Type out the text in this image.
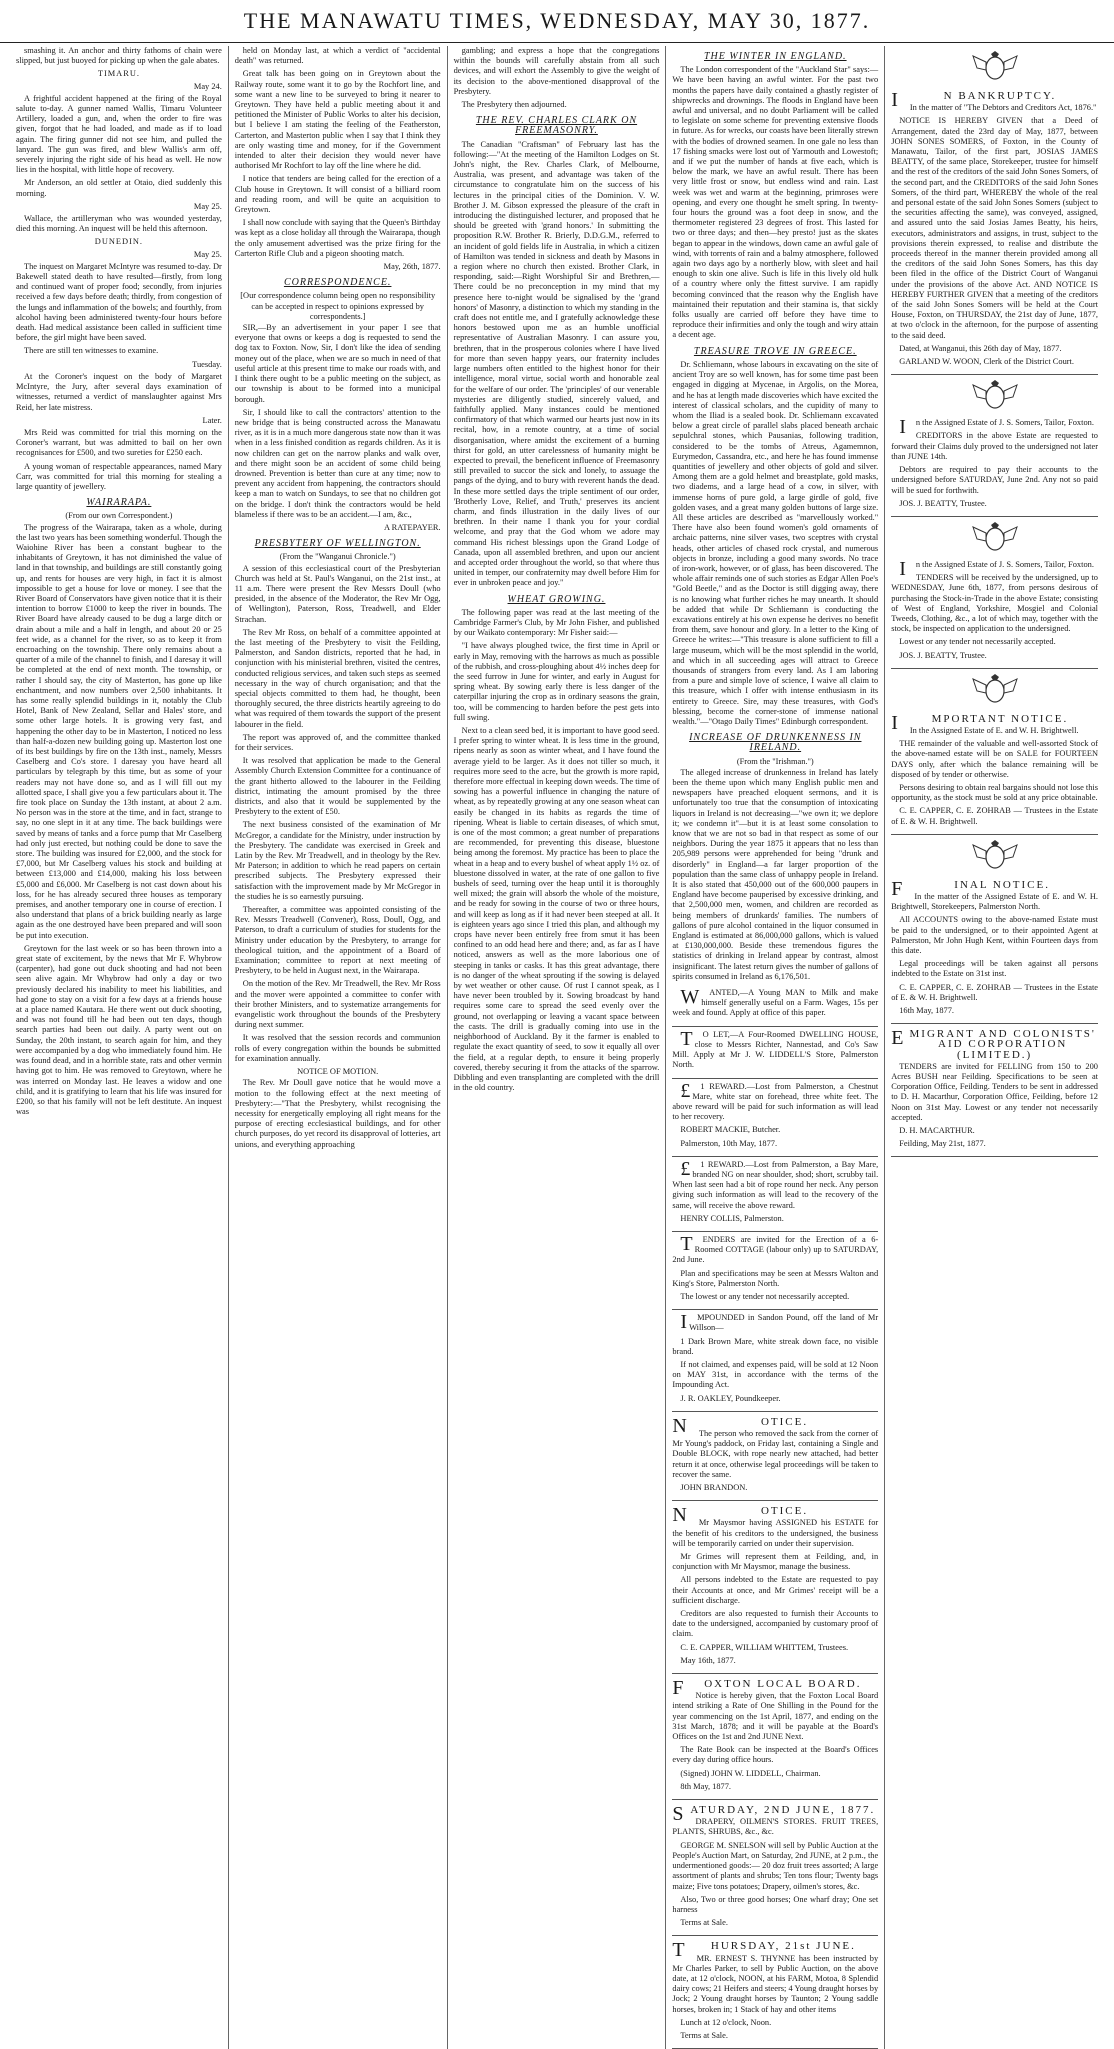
THE MANAWATU TIMES, WEDNESDAY, MAY 30, 1877.

smashing it. An anchor and thirty fathoms of chain were slipped, but just buoyed for picking up when the gale abates.

TIMARU.

May 24.

A frightful accident happened at the firing of the Royal salute to-day. A gunner named Wallis, Timaru Volunteer Artillery, loaded a gun, and, when the order to fire was given, forgot that he had loaded, and made as if to load again. The firing gunner did not see him, and pulled the lanyard. The gun was fired, and blew Wallis's arm off, severely injuring the right side of his head as well. He now lies in the hospital, with little hope of recovery.

Mr Anderson, an old settler at Otaio, died suddenly this morning.

May 25.

Wallace, the artilleryman who was wounded yesterday, died this morning. An inquest will be held this afternoon.

DUNEDIN.

May 25.

The inquest on Margaret McIntyre was resumed to-day. Dr Bakewell stated death to have resulted—firstly, from long and continued want of proper food; secondly, from injuries received a few days before death; thirdly, from congestion of the lungs and inflammation of the bowels; and fourthly, from alcohol having been administered twenty-four hours before death. Had medical assistance been called in sufficient time before, the girl might have been saved.

There are still ten witnesses to examine.

Tuesday.

At the Coroner's inquest on the body of Margaret McIntyre, the Jury, after several days examination of witnesses, returned a verdict of manslaughter against Mrs Reid, her late mistress.

Later.

Mrs Reid was committed for trial this morning on the Coroner's warrant, but was admitted to bail on her own recognisances for £500, and two sureties for £250 each.

A young woman of respectable appearances, named Mary Carr, was committed for trial this morning for stealing a large quantity of jewellery.

WAIRARAPA.

(From our own Correspondent.)

The progress of the Wairarapa, taken as a whole, during the last two years has been something wonderful. Though the Waiohine River has been a constant bugbear to the inhabitants of Greytown, it has not diminished the value of land in that township, and buildings are still constantly going up, and rents for houses are very high, in fact it is almost impossible to get a house for love or money. I see that the River Board of Conservators have given notice that it is their intention to borrow £1000 to keep the river in bounds. The River Board have already caused to be dug a large ditch or drain about a mile and a half in length, and about 20 or 25 feet wide, as a channel for the river, so as to keep it from encroaching on the township. There only remains about a quarter of a mile of the channel to finish, and I daresay it will be completed at the end of next month. The township, or rather I should say, the city of Masterton, has gone up like enchantment, and now numbers over 2,500 inhabitants. It has some really splendid buildings in it, notably the Club Hotel, Bank of New Zealand, Sellar and Hales' store, and some other large hotels. It is growing very fast, and happening the other day to be in Masterton, I noticed no less than half-a-dozen new building going up. Masterton lost one of its best buildings by fire on the 13th inst., namely, Messrs Caselberg and Co's store. I daresay you have heard all particulars by telegraph by this time, but as some of your readers may not have done so, and as I will fill out my allotted space, I shall give you a few particulars about it. The fire took place on Sunday the 13th instant, at about 2 a.m. No person was in the store at the time, and in fact, strange to say, no one slept in it at any time. The back buildings were saved by means of tanks and a force pump that Mr Caselberg had only just erected, but nothing could be done to save the store. The building was insured for £2,000, and the stock for £7,000, but Mr Caselberg values his stock and building at between £13,000 and £14,000, making his loss between £5,000 and £6,000. Mr Caselberg is not cast down about his loss, for he has already secured three houses as temporary premises, and another temporary one in course of erection. I also understand that plans of a brick building nearly as large again as the one destroyed have been prepared and will soon be put into execution.

Greytown for the last week or so has been thrown into a great state of excitement, by the news that Mr F. Whybrow (carpenter), had gone out duck shooting and had not been seen alive again. Mr Whybrow had only a day or two previously declared his inability to meet his liabilities, and had gone to stay on a visit for a few days at a friends house at a place named Kautara. He there went out duck shooting, and was not found till he had been out ten days, though search parties had been out daily. A party went out on Sunday, the 20th instant, to search again for him, and they were accompanied by a dog who immediately found him. He was found dead, and in a horrible state, rats and other vermin having got to him. He was removed to Greytown, where he was interred on Monday last. He leaves a widow and one child, and it is gratifying to learn that his life was insured for £200, so that his family will not be left destitute. An inquest was

held on Monday last, at which a verdict of "accidental death" was returned.

Great talk has been going on in Greytown about the Railway route, some want it to go by the Rochfort line, and some want a new line to be surveyed to bring it nearer to Greytown. They have held a public meeting about it and petitioned the Minister of Public Works to alter his decision, but I believe I am stating the feeling of the Featherston, Carterton, and Masterton public when I say that I think they are only wasting time and money, for if the Government intended to alter their decision they would never have authorised Mr Rochfort to lay off the line where he did.

I notice that tenders are being called for the erection of a Club house in Greytown. It will consist of a billiard room and reading room, and will be quite an acquisition to Greytown.

I shall now conclude with saying that the Queen's Birthday was kept as a close holiday all through the Wairarapa, though the only amusement advertised was the prize firing for the Carterton Rifle Club and a pigeon shooting match.

May, 26th, 1877.

CORRESPONDENCE.

[Our correspondence column being open no responsibility can be accepted in respect to opinions expressed by correspondents.]

SIR,—By an advertisement in your paper I see that everyone that owns or keeps a dog is requested to send the dog tax to Foxton. Now, Sir, I don't like the idea of sending money out of the place, when we are so much in need of that useful article at this present time to make our roads with, and I think there ought to be a public meeting on the subject, as our township is about to be formed into a municipal borough.

Sir, I should like to call the contractors' attention to the new bridge that is being constructed across the Manawatu river, as it is in a much more dangerous state now than it was when in a less finished condition as regards children. As it is now children can get on the narrow planks and walk over, and there might soon be an accident of some child being drowned. Prevention is better than cure at any time; now to prevent any accident from happening, the contractors should keep a man to watch on Sundays, to see that no children got on the bridge. I don't think the contractors would be held blameless if there was to be an accident.—I am, &c.,

A RATEPAYER.

PRESBYTERY OF WELLINGTON.

(From the "Wanganui Chronicle.")

A session of this ecclesiastical court of the Presbyterian Church was held at St. Paul's Wanganui, on the 21st inst., at 11 a.m. There were present the Rev Messrs Doull (who presided, in the absence of the Moderator, the Rev Mr Ogg, of Wellington), Paterson, Ross, Treadwell, and Elder Strachan.

The Rev Mr Ross, on behalf of a committee appointed at the last meeting of the Presbytery to visit the Feilding, Palmerston, and Sandon districts, reported that he had, in conjunction with his ministerial brethren, visited the centres, conducted religious services, and taken such steps as seemed necessary in the way of church organisation; and that the special objects committed to them had, he thought, been thoroughly secured, the three districts heartily agreeing to do what was required of them towards the support of the present labourer in the field.

The report was approved of, and the committee thanked for their services.

It was resolved that application be made to the General Assembly Church Extension Committee for a continuance of the grant hitherto allowed to the labourer in the Feilding district, intimating the amount promised by the three districts, and also that it would be supplemented by the Presbytery to the extent of £50.

The next business consisted of the examination of Mr McGregor, a candidate for the Ministry, under instruction by the Presbytery. The candidate was exercised in Greek and Latin by the Rev. Mr Treadwell, and in theology by the Rev. Mr Paterson; in addition to which he read papers on certain prescribed subjects. The Presbytery expressed their satisfaction with the improvement made by Mr McGregor in the studies he is so earnestly pursuing.

Thereafter, a committee was appointed consisting of the Rev. Messrs Treadwell (Convener), Ross, Doull, Ogg, and Paterson, to draft a curriculum of studies for students for the Ministry under education by the Presbytery, to arrange for theological tuition, and the appointment of a Board of Examination; committee to report at next meeting of Presbytery, to be held in August next, in the Wairarapa.

On the motion of the Rev. Mr Treadwell, the Rev. Mr Ross and the mover were appointed a committee to confer with their brother Ministers, and to systematize arrangements for evangelistic work throughout the bounds of the Presbytery during next summer.

It was resolved that the session records and communion rolls of every congregation within the bounds be submitted for examination annually.

NOTICE OF MOTION.

The Rev. Mr Doull gave notice that he would move a motion to the following effect at the next meeting of Presbytery:—"That the Presbytery, whilst recognising the necessity for energetically employing all right means for the purpose of erecting ecclesiastical buildings, and for other church purposes, do yet record its disapproval of lotteries, art unions, and everything approaching

gambling; and express a hope that the congregations within the bounds will carefully abstain from all such devices, and will exhort the Assembly to give the weight of its decision to the above-mentioned disapproval of the Presbytery.

The Presbytery then adjourned.

THE REV. CHARLES CLARK ON FREEMASONRY.

The Canadian "Craftsman" of February last has the following:—"At the meeting of the Hamilton Lodges on St. John's night, the Rev. Charles Clark, of Melbourne, Australia, was present, and advantage was taken of the circumstance to congratulate him on the success of his lectures in the principal cities of the Dominion. V. W. Brother J. M. Gibson expressed the pleasure of the craft in introducing the distinguished lecturer, and proposed that he should be greeted with 'grand honors.' In submitting the proposition R.W. Brother R. Brierly, D.D.G.M., referred to an incident of gold fields life in Australia, in which a citizen of Hamilton was tended in sickness and death by Masons in a region where no church then existed. Brother Clark, in responding, said:—Right Worshipful Sir and Brethren,—There could be no preconception in my mind that my presence here to-night would be signalised by the 'grand honors' of Masonry, a distinction to which my standing in the craft does not entitle me, and I gratefully acknowledge these honors bestowed upon me as an humble unofficial representative of Australian Masonry. I can assure you, brethren, that in the prosperous colonies where I have lived for more than seven happy years, our fraternity includes large numbers often entitled to the highest honor for their intelligence, moral virtue, social worth and honorable zeal for the welfare of our order. The 'principles' of our venerable mysteries are diligently studied, sincerely valued, and faithfully applied. Many instances could be mentioned confirmatory of that which warmed our hearts just now in its recital, how, in a remote country, at a time of social disorganisation, where amidst the excitement of a burning thirst for gold, an utter carelessness of humanity might be expected to prevail, the beneficent influence of Freemasonry still prevailed to succor the sick and lonely, to assuage the pangs of the dying, and to bury with reverent hands the dead. In these more settled days the triple sentiment of our order, 'Brotherly Love, Relief, and Truth,' preserves its ancient charm, and finds illustration in the daily lives of our brethren. In their name I thank you for your cordial welcome, and pray that the God whom we adore may command His richest blessings upon the Grand Lodge of Canada, upon all assembled brethren, and upon our ancient and accepted order throughout the world, so that where thus united in temper, our confraternity may dwell before Him for ever in unbroken peace and joy."

WHEAT GROWING.

The following paper was read at the last meeting of the Cambridge Farmer's Club, by Mr John Fisher, and published by our Waikato contemporary: Mr Fisher said:—

"I have always ploughed twice, the first time in April or early in May, removing with the harrows as much as possible of the rubbish, and cross-ploughing about 4½ inches deep for the seed furrow in June for winter, and early in August for spring wheat. By sowing early there is less danger of the caterpillar injuring the crop as in ordinary seasons the grain, too, will be commencing to harden before the pest gets into full swing.

Next to a clean seed bed, it is important to have good seed. I prefer spring to winter wheat. It is less time in the ground, ripens nearly as soon as winter wheat, and I have found the average yield to be larger. As it does not tiller so much, it requires more seed to the acre, but the growth is more rapid, therefore more effectual in keeping down weeds. The time of sowing has a powerful influence in changing the nature of wheat, as by repeatedly growing at any one season wheat can easily be changed in its habits as regards the time of ripening. Wheat is liable to certain diseases, of which smut, is one of the most common; a great number of preparations are recommended, for preventing this disease, bluestone being among the foremost. My practice has been to place the wheat in a heap and to every bushel of wheat apply 1½ oz. of bluestone dissolved in water, at the rate of one gallon to five bushels of seed, turning over the heap until it is thoroughly well mixed; the grain will absorb the whole of the moisture, and be ready for sowing in the course of two or three hours, and will keep as long as if it had never been steeped at all. It is eighteen years ago since I tried this plan, and although my crops have never been entirely free from smut it has been confined to an odd head here and there; and, as far as I have noticed, answers as well as the more laborious one of steeping in tanks or casks. It has this great advantage, there is no danger of the wheat sprouting if the sowing is delayed by wet weather or other cause. Of rust I cannot speak, as I have never been troubled by it. Sowing broadcast by hand requires some care to spread the seed evenly over the ground, not overlapping or leaving a vacant space between the casts. The drill is gradually coming into use in the neighborhood of Auckland. By it the farmer is enabled to regulate the exact quantity of seed, to sow it equally all over the field, at a regular depth, to ensure it being properly covered, thereby securing it from the attacks of the sparrow. Dibbling and even transplanting are completed with the drill in the old country.

THE WINTER IN ENGLAND.

The London correspondent of the "Auckland Star" says:—We have been having an awful winter. For the past two months the papers have daily contained a ghastly register of shipwrecks and drownings. The floods in England have been awful and universal, and no doubt Parliament will be called to legislate on some scheme for preventing extensive floods in future. As for wrecks, our coasts have been literally strewn with the bodies of drowned seamen. In one gale no less than 17 fishing smacks were lost out of Yarmouth and Lowestoft; and if we put the number of hands at five each, which is below the mark, we have an awful result. There has been very little frost or snow, but endless wind and rain. Last week was wet and warm at the beginning, primroses were opening, and every one thought he smelt spring. In twenty-four hours the ground was a foot deep in snow, and the thermometer registered 23 degrees of frost. This lasted for two or three days; and then—hey presto! just as the skates began to appear in the windows, down came an awful gale of wind, with torrents of rain and a balmy atmosphere, followed again two days ago by a northerly blow, with sleet and hail enough to skin one alive. Such is life in this lively old hulk of a country where only the fittest survive. I am rapidly becoming convinced that the reason why the English have maintained their reputation and their stamina is, that sickly folks usually are carried off before they have time to reproduce their infirmities and only the tough and wiry attain a decent age.

TREASURE TROVE IN GREECE.

Dr. Schliemann, whose labours in excavating on the site of ancient Troy are so well known, has for some time past been engaged in digging at Mycenae, in Argolis, on the Morea, and he has at length made discoveries which have excited the interest of classical scholars, and the cupidity of many to whom the Iliad is a sealed book. Dr. Schliemann excavated below a great circle of parallel slabs placed beneath archaic sepulchral stones, which Pausanias, following tradition, considered to be the tombs of Atreus, Agamemnon, Eurymedon, Cassandra, etc., and here he has found immense quantities of jewellery and other objects of gold and silver. Among them are a gold helmet and breastplate, gold masks, two diadems, and a large head of a cow, in silver, with immense horns of pure gold, a large girdle of gold, five golden vases, and a great many golden buttons of large size. All these articles are described as "marvellously worked." There have also been found women's gold ornaments of archaic patterns, nine silver vases, two sceptres with crystal heads, other articles of chased rock crystal, and numerous objects in bronze, including a good many swords. No trace of iron-work, however, or of glass, has been discovered. The whole affair reminds one of such stories as Edgar Allen Poe's "Gold Beetle," and as the Doctor is still digging away, there is no knowing what further riches he may unearth. It should be added that while Dr Schliemann is conducting the excavations entirely at his own expense he derives no benefit from them, save honour and glory. In a letter to the King of Greece he writes:—"This treasure is alone sufficient to fill a large museum, which will be the most splendid in the world, and which in all succeeding ages will attract to Greece thousands of strangers from every land. As I am laboring from a pure and simple love of science, I waive all claim to this treasure, which I offer with intense enthusiasm in its entirety to Greece. Sire, may these treasures, with God's blessing, become the corner-stone of immense national wealth."—"Otago Daily Times" Edinburgh correspondent.

INCREASE OF DRUNKENNESS IN IRELAND.

(From the "Irishman.")

The alleged increase of drunkenness in Ireland has lately been the theme upon which many English public men and newspapers have preached eloquent sermons, and it is unfortunately too true that the consumption of intoxicating liquors in Ireland is not decreasing—"we own it; we deplore it; we condemn it"—but it is at least some consolation to know that we are not so bad in that respect as some of our neighbors. During the year 1875 it appears that no less than 205,989 persons were apprehended for being "drunk and disorderly" in England—a far larger proportion of the population than the same class of unhappy people in Ireland. It is also stated that 450,000 out of the 600,000 paupers in England have become pauperised by excessive drinking, and that 2,500,000 men, women, and children are recorded as being members of drunkards' families. The numbers of gallons of pure alcohol contained in the liquor consumed in England is estimated at 86,000,000 gallons, which is valued at £130,000,000. Beside these tremendous figures the statistics of drinking in Ireland appear by contrast, almost insignificant. The latest return gives the number of gallons of spirits consumed in Ireland as 6,176,501.

WANTED,—A Young MAN to Milk and make himself generally useful on a Farm. Wages, 15s per week and found. Apply at office of this paper.

TO LET,—A Four-Roomed DWELLING HOUSE, close to Messrs Richter, Nannestad, and Co's Saw Mill. Apply at Mr J. W. LIDDELL'S Store, Palmerston North.

£1 REWARD.—Lost from Palmerston, a Chestnut Mare, white star on forehead, three white feet. The above reward will be paid for such information as will lead to her recovery.

ROBERT MACKIE, Butcher.

Palmerston, 10th May, 1877.

£1 REWARD.—Lost from Palmerston, a Bay Mare, branded NG on near shoulder, shod; short, scrubby tail. When last seen had a bit of rope round her neck. Any person giving such information as will lead to the recovery of the same, will receive the above reward.

HENRY COLLIS, Palmerston.

TENDERS are invited for the Erection of a 6-Roomed COTTAGE (labour only) up to SATURDAY, 2nd June.

Plan and specifications may be seen at Messrs Walton and King's Store, Palmerston North.

The lowest or any tender not necessarily accepted.

IMPOUNDED in Sandon Pound, off the land of Mr Willson—

1 Dark Brown Mare, white streak down face, no visible brand.

If not claimed, and expenses paid, will be sold at 12 Noon on MAY 31st, in accordance with the terms of the Impounding Act.

J. R. OAKLEY, Poundkeeper.

NOTICE.

The person who removed the sack from the corner of Mr Young's paddock, on Friday last, containing a Single and Double BLOCK, with rope nearly new attached, had better return it at once, otherwise legal proceedings will be taken to recover the same.

JOHN BRANDON.

NOTICE.

Mr Maysmor having ASSIGNED his ESTATE for the benefit of his creditors to the undersigned, the business will be temporarily carried on under their supervision.

Mr Grimes will represent them at Feilding, and, in conjunction with Mr Maysmor, manage the business.

All persons indebted to the Estate are requested to pay their Accounts at once, and Mr Grimes' receipt will be a sufficient discharge.

Creditors are also requested to furnish their Accounts to date to the undersigned, accompanied by customary proof of claim.

C. E. CAPPER, WILLIAM WHITTEM, Trustees.

May 16th, 1877.

FOXTON LOCAL BOARD.

Notice is hereby given, that the Foxton Local Board intend striking a Rate of One Shilling in the Pound for the year commencing on the 1st April, 1877, and ending on the 31st March, 1878; and it will be payable at the Board's Offices on the 1st and 2nd JUNE Next.

The Rate Book can be inspected at the Board's Offices every day during office hours.

(Signed) JOHN W. LIDDELL, Chairman.

8th May, 1877.

SATURDAY, 2ND JUNE, 1877.

DRAPERY, OILMEN'S STORES. FRUIT TREES, PLANTS, SHRUBS, &c., &c.

GEORGE M. SNELSON will sell by Public Auction at the People's Auction Mart, on Saturday, 2nd JUNE, at 2 p.m., the undermentioned goods:— 20 doz fruit trees assorted; A large assortment of plants and shrubs; Ten tons flour; Twenty bags maize; Five tons potatoes; Drapery, oilmen's stores, &c.

Also, Two or three good horses; One wharf dray; One set harness

Terms at Sale.

THURSDAY, 21st JUNE.

MR. ERNEST S. THYNNE has been instructed by Mr Charles Parker, to sell by Public Auction, on the above date, at 12 o'clock, NOON, at his FARM, Motoa, 8 Splendid dairy cows; 21 Heifers and steers; 4 Young draught horses by Jock; 2 Young draught horses by Taunton; 2 Young saddle horses, broken in; 1 Stack of hay and other items

Lunch at 12 o'clock, Noon.

Terms at Sale.

IN BANKRUPTCY.

In the matter of "The Debtors and Creditors Act, 1876."

NOTICE IS HEREBY GIVEN that a Deed of Arrangement, dated the 23rd day of May, 1877, between JOHN SONES SOMERS, of Foxton, in the County of Manawatu, Tailor, of the first part, JOSIAS JAMES BEATTY, of the same place, Storekeeper, trustee for himself and the rest of the creditors of the said John Sones Somers, of the second part, and the CREDITORS of the said John Sones Somers, of the third part, WHEREBY the whole of the real and personal estate of the said John Sones Somers (subject to the securities affecting the same), was conveyed, assigned, and assured unto the said Josias James Beatty, his heirs, executors, administrators and assigns, in trust, subject to the provisions therein expressed, to realise and distribute the proceeds thereof in the manner therein provided among all the creditors of the said John Sones Somers, has this day been filed in the office of the District Court of Wanganui under the provisions of the above Act. AND NOTICE IS HEREBY FURTHER GIVEN that a meeting of the creditors of the said John Sones Somers will be held at the Court House, Foxton, on THURSDAY, the 21st day of June, 1877, at two o'clock in the afternoon, for the purpose of assenting to the said deed.

Dated, at Wanganui, this 26th day of May, 1877.

GARLAND W. WOON, Clerk of the District Court.

In the Assigned Estate of J. S. Somers, Tailor, Foxton.

CREDITORS in the above Estate are requested to forward their Claims duly proved to the undersigned not later than JUNE 14th.

Debtors are required to pay their accounts to the undersigned before SATURDAY, June 2nd. Any not so paid will be sued for forthwith.

JOS. J. BEATTY, Trustee.

In the Assigned Estate of J. S. Somers, Tailor, Foxton.

TENDERS will be received by the undersigned, up to WEDNESDAY, June 6th, 1877, from persons desirous of purchasing the Stock-in-Trade in the above Estate; consisting of West of England, Yorkshire, Mosgiel and Colonial Tweeds, Clothing, &c., a lot of which may, together with the stock, be inspected on application to the undersigned.

Lowest or any tender not necessarily accepted.

JOS. J. BEATTY, Trustee.

IMPORTANT NOTICE.

In the Assigned Estate of E. and W. H. Brightwell.

THE remainder of the valuable and well-assorted Stock of the above-named estate will be on SALE for FOURTEEN DAYS only, after which the balance remaining will be disposed of by tender or otherwise.

Persons desiring to obtain real bargains should not lose this opportunity, as the stock must be sold at any price obtainable.

C. E. CAPPER, C. E. ZOHRAB — Trustees in the Estate of E. & W. H. Brightwell.

FINAL NOTICE.

In the matter of the Assigned Estate of E. and W. H. Brightwell, Storekeepers, Palmerston North.

All ACCOUNTS owing to the above-named Estate must be paid to the undersigned, or to their appointed Agent at Palmerston, Mr John Hugh Kent, within Fourteen days from this date.

Legal proceedings will be taken against all persons indebted to the Estate on 31st inst.

C. E. CAPPER, C. E. ZOHRAB — Trustees in the Estate of E. & W. H. Brightwell.

16th May, 1877.

EMIGRANT AND COLONISTS' AID CORPORATION (LIMITED.)

TENDERS are invited for FELLING from 150 to 200 Acres BUSH near Feilding. Specifications to be seen at Corporation Office, Feilding. Tenders to be sent in addressed to D. H. Macarthur, Corporation Office, Feilding, before 12 Noon on 31st May. Lowest or any tender not necessarily accepted.

D. H. MACARTHUR.

Feilding, May 21st, 1877.
